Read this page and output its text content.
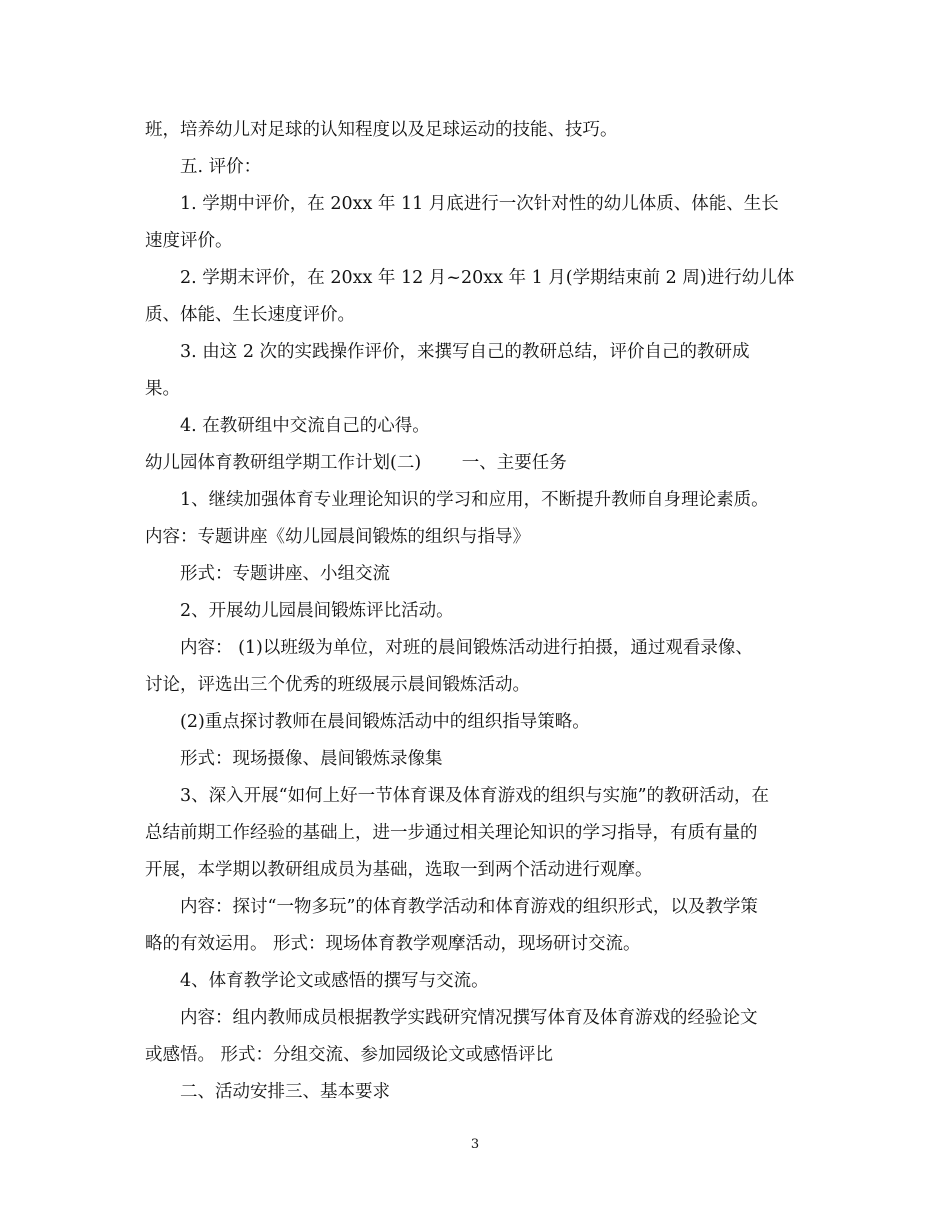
班，培养幼儿对足球的认知程度以及足球运动的技能、技巧。
五. 评价：
1. 学期中评价，在 20xx 年 11 月底进行一次针对性的幼儿体质、体能、生长
速度评价。
2. 学期末评价，在 20xx 年 12 月~20xx 年 1 月(学期结束前 2 周)进行幼儿体
质、体能、生长速度评价。
3. 由这 2 次的实践操作评价，来撰写自己的教研总结，评价自己的教研成
果。
4. 在教研组中交流自己的心得。
幼儿园体育教研组学期工作计划(二)　　 一、主要任务
1、继续加强体育专业理论知识的学习和应用，不断提升教师自身理论素质。
内容：专题讲座《幼儿园晨间锻炼的组织与指导》
形式：专题讲座、小组交流
2、开展幼儿园晨间锻炼评比活动。
内容： (1)以班级为单位，对班的晨间锻炼活动进行拍摄，通过观看录像、
讨论，评选出三个优秀的班级展示晨间锻炼活动。
(2)重点探讨教师在晨间锻炼活动中的组织指导策略。
形式：现场摄像、晨间锻炼录像集
3、深入开展“如何上好一节体育课及体育游戏的组织与实施”的教研活动，在
总结前期工作经验的基础上，进一步通过相关理论知识的学习指导，有质有量的
开展，本学期以教研组成员为基础，选取一到两个活动进行观摩。
内容：探讨“一物多玩”的体育教学活动和体育游戏的组织形式，以及教学策
略的有效运用。 形式：现场体育教学观摩活动，现场研讨交流。
4、体育教学论文或感悟的撰写与交流。
内容：组内教师成员根据教学实践研究情况撰写体育及体育游戏的经验论文
或感悟。 形式：分组交流、参加园级论文或感悟评比
二、活动安排三、基本要求
3
